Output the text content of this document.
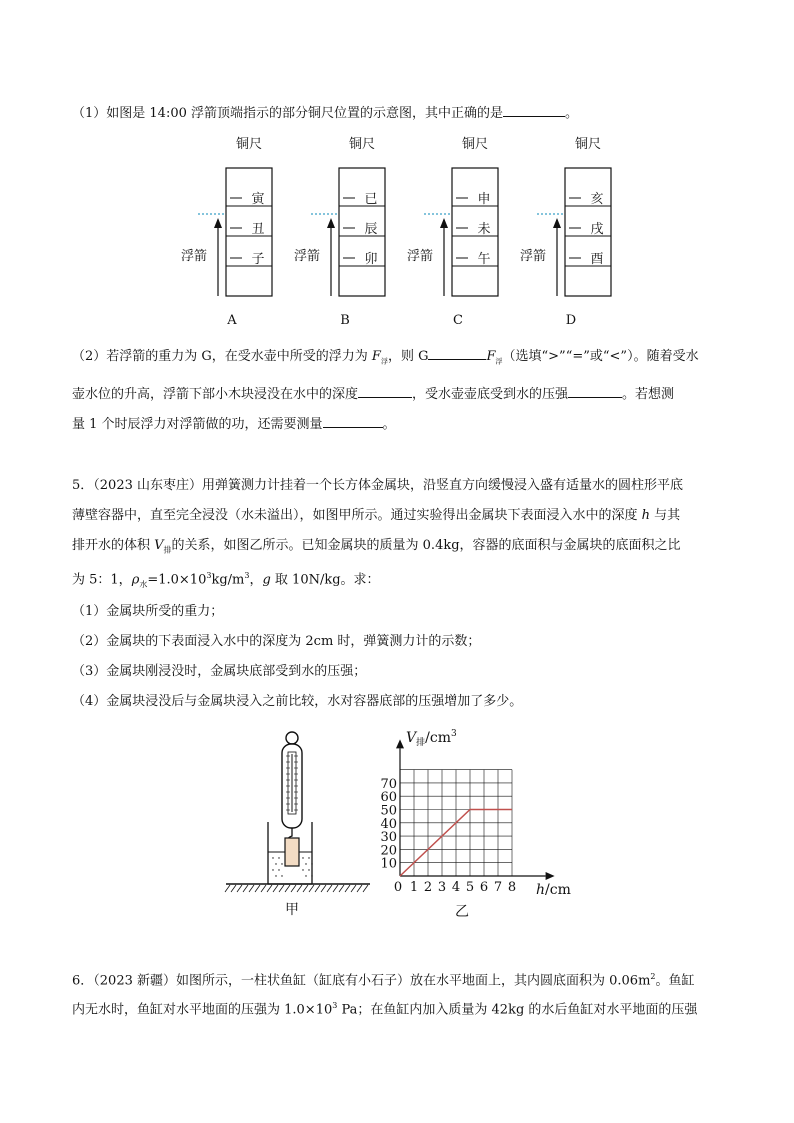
（1）如图是 14:00 浮箭顶端指示的部分铜尺位置的示意图，其中正确的是	。
铜尺
寅
丑
子
浮箭
A
铜尺
已
辰
卯
浮箭
B
铜尺
申
未
午
浮箭
C
铜尺
亥
戌
酉
浮箭
D
（2）若浮箭的重力为 G，在受水壶中所受的浮力为 $F_浮$，则 G	$F_浮$（选填“>”“=”或“<”）。随着受水
壶水位的升高，浮箭下部小木块浸没在水中的深度	，受水壶壶底受到水的压强	。若想测
量 1 个时辰浮力对浮箭做的功，还需要测量	。
5．（2023 山东枣庄）用弹簧测力计挂着一个长方体金属块，沿竖直方向缓慢浸入盛有适量水的圆柱形平底
薄壁容器中，直至完全浸没（水未溢出），如图甲所示。通过实验得出金属块下表面浸入水中的深度 h 与其
排开水的体积 $V_排$的关系，如图乙所示。已知金属块的质量为 0.4kg，容器的底面积与金属块的底面积之比
为 5：1，$\rho_水=1.0\times 10^3kg/m^3$，g 取 10N/kg。求：
（1）金属块所受的重力；
（2）金属块的下表面浸入水中的深度为 2cm 时，弹簧测力计的示数；
（3）金属块刚浸没时，金属块底部受到水的压强；
（4）金属块浸没后与金属块浸入之前比较，水对容器底部的压强增加了多少。
甲
0 1 2 3 4 5 6 7 8
10
20
30
40
50
60
70
$V_排/cm^3$
h/cm
乙
6．（2023 新疆）如图所示，一柱状鱼缸（缸底有小石子）放在水平地面上，其内圆底面积为 $0.06m^2$。鱼缸
内无水时，鱼缸对水平地面的压强为 $1.0\times 10^3$ Pa；在鱼缸内加入质量为 42kg 的水后鱼缸对水平地面的压强
